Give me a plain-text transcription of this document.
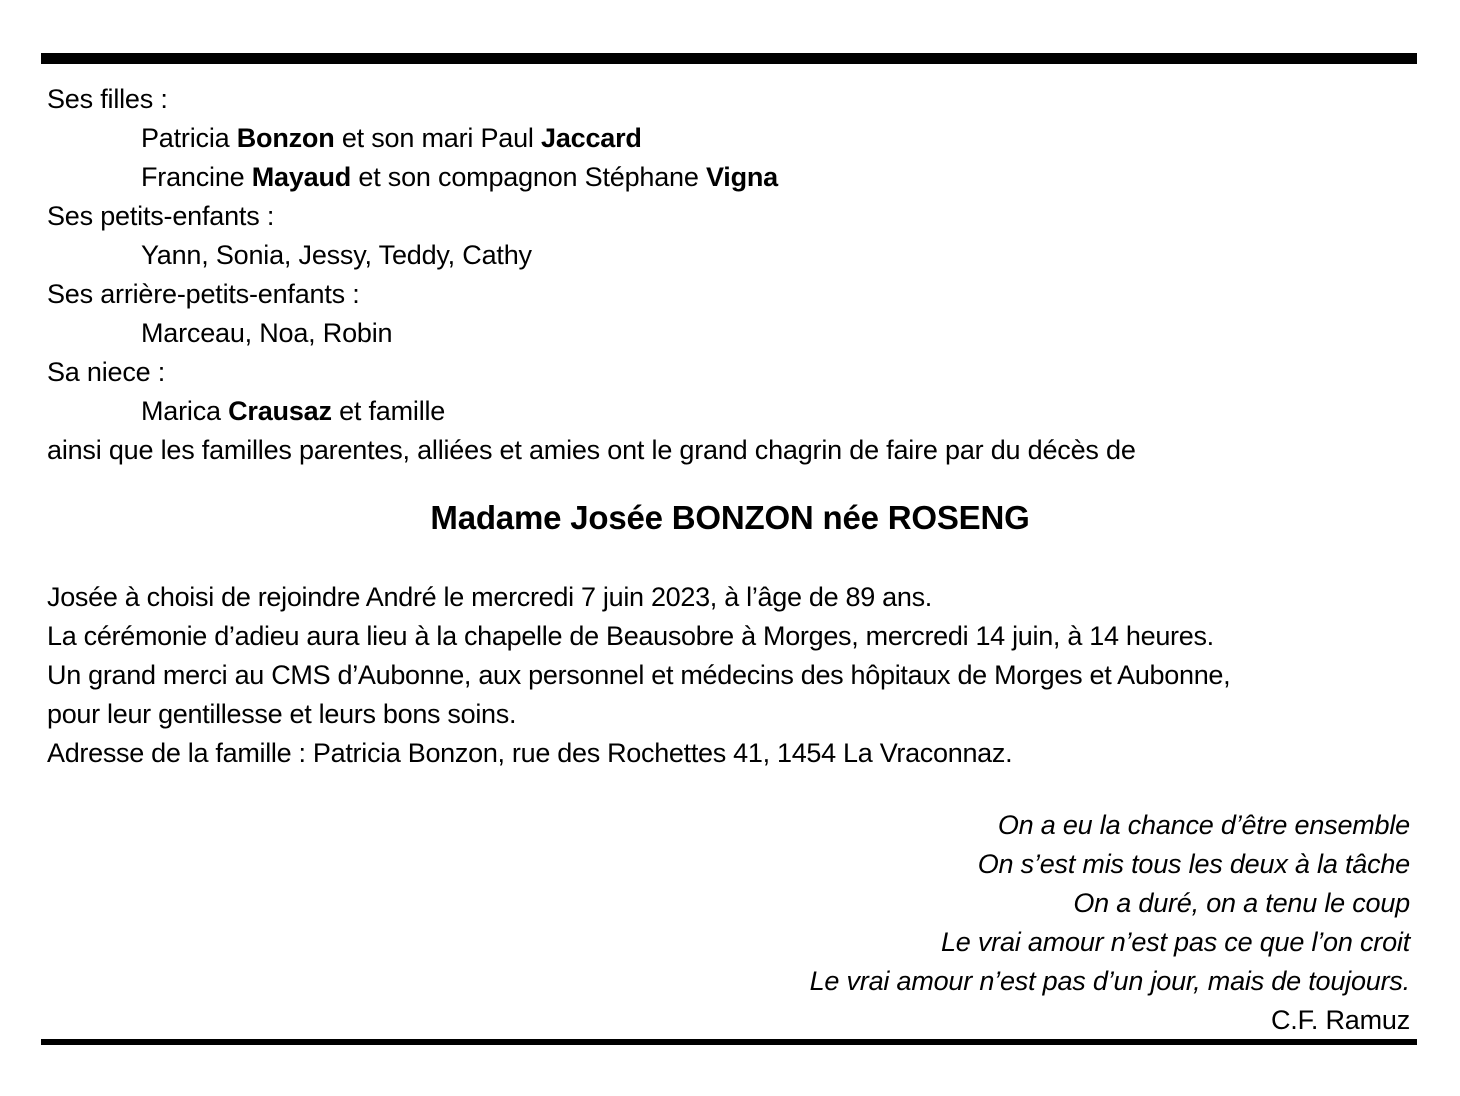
Ses filles :
Patricia Bonzon et son mari Paul Jaccard
Francine Mayaud et son compagnon Stéphane Vigna
Ses petits-enfants :
Yann, Sonia, Jessy, Teddy, Cathy
Ses arrière-petits-enfants :
Marceau, Noa, Robin
Sa niece :
Marica Crausaz et famille
ainsi que les familles parentes, alliées et amies ont le grand chagrin de faire par du décès de
Madame Josée BONZON née ROSENG
Josée à choisi de rejoindre André le mercredi 7 juin 2023, à l’âge de 89 ans.
La cérémonie d’adieu aura lieu à la chapelle de Beausobre à Morges, mercredi 14 juin, à 14 heures.
Un grand merci au CMS d’Aubonne, aux personnel et médecins des hôpitaux de Morges et Aubonne,
pour leur gentillesse et leurs bons soins.
Adresse de la famille : Patricia Bonzon, rue des Rochettes 41, 1454 La Vraconnaz.
On a eu la chance d’être ensemble
On s’est mis tous les deux à la tâche
On a duré, on a tenu le coup
Le vrai amour n’est pas ce que l’on croit
Le vrai amour n’est pas d’un jour, mais de toujours.
C.F. Ramuz
